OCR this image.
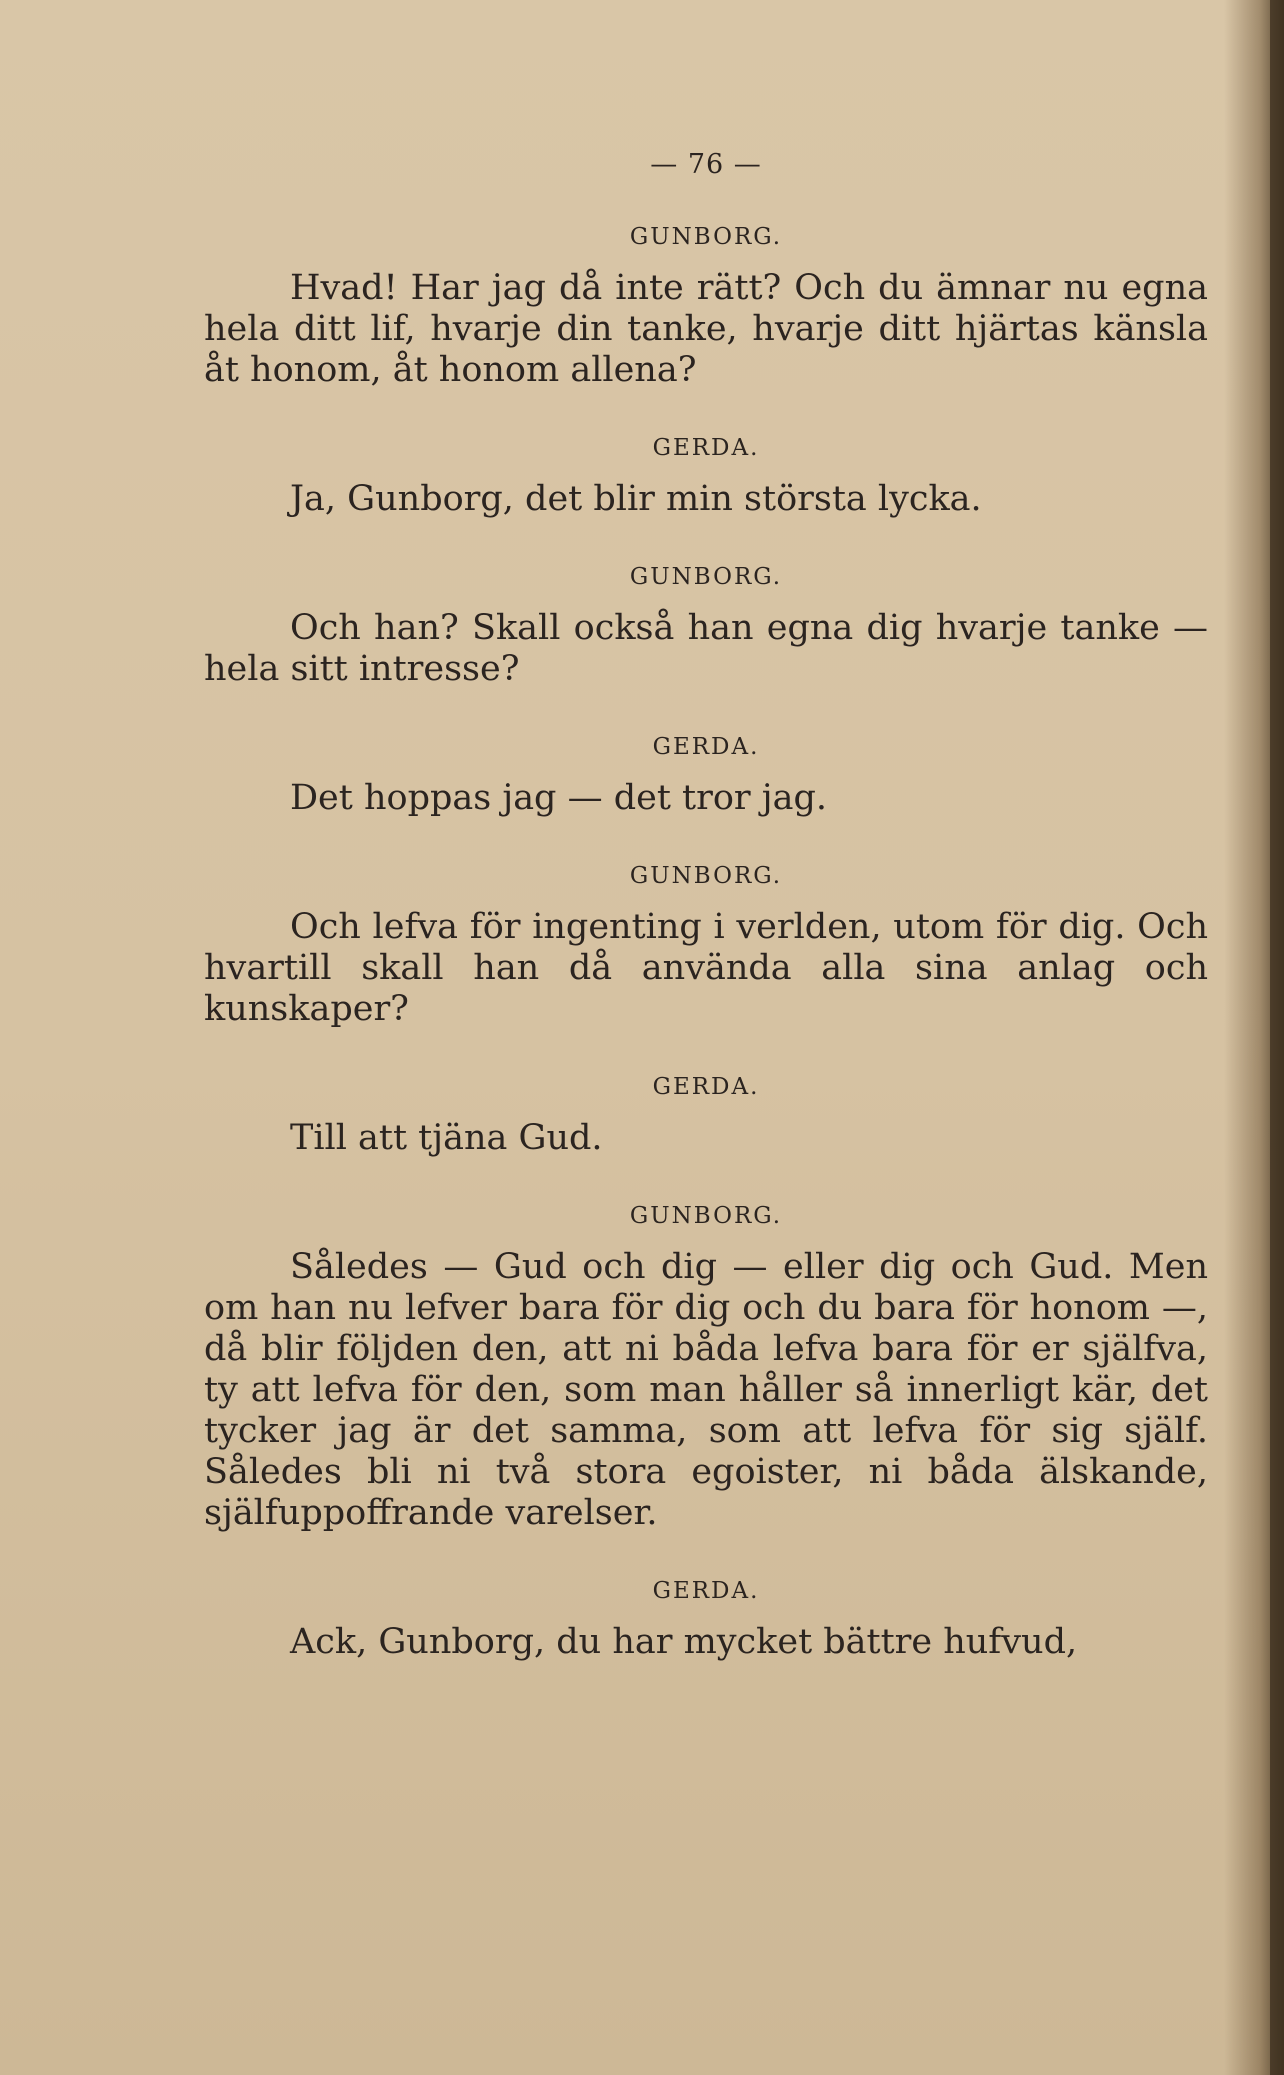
— 76 —
GUNBORG.
Hvad! Har jag då inte rätt? Och du ämnar nu egna hela ditt lif, hvarje din tanke, hvarje ditt hjärtas känsla åt honom, åt honom allena?
GERDA.
Ja, Gunborg, det blir min största lycka.
GUNBORG.
Och han? Skall också han egna dig hvarje tanke — hela sitt intresse?
GERDA.
Det hoppas jag — det tror jag.
GUNBORG.
Och lefva för ingenting i verlden, utom för dig. Och hvartill skall han då använda alla sina anlag och kunskaper?
GERDA.
Till att tjäna Gud.
GUNBORG.
Således — Gud och dig — eller dig och Gud. Men om han nu lefver bara för dig och du bara för honom —, då blir följden den, att ni båda lefva bara för er själfva, ty att lefva för den, som man håller så innerligt kär, det tycker jag är det samma, som att lefva för sig själf. Således bli ni två stora egoister, ni båda älskande, själfuppoffrande varelser.
GERDA.
Ack, Gunborg, du har mycket bättre hufvud,
